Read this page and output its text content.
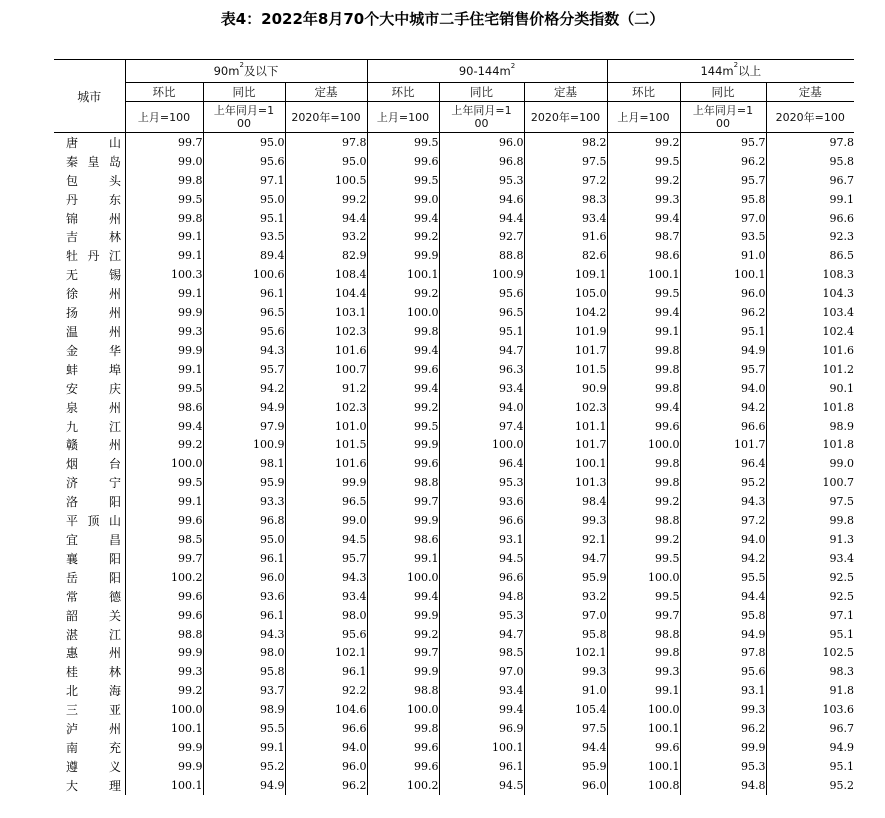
表4：2022年8月70个大中城市二手住宅销售价格分类指数（二）
城市	$90m^2$及以下			$90-144m^2$			$144m^2$以上		
	环比	同比	定基	环比	同比	定基	环比	同比	定基
	上月=100	上年同月=1
00	2020年=100	上月=100	上年同月=1
00	2020年=100	上月=100	上年同月=1
00	2020年=100
唐山	99.7	95.0	97.8	99.5	96.0	98.2	99.2	95.7	97.8
秦皇岛	99.0	95.6	95.0	99.6	96.8	97.5	99.5	96.2	95.8
包头	99.8	97.1	100.5	99.5	95.3	97.2	99.2	95.7	96.7
丹东	99.5	95.0	99.2	99.0	94.6	98.3	99.3	95.8	99.1
锦州	99.8	95.1	94.4	99.4	94.4	93.4	99.4	97.0	96.6
吉林	99.1	93.5	93.2	99.2	92.7	91.6	98.7	93.5	92.3
牡丹江	99.1	89.4	82.9	99.9	88.8	82.6	98.6	91.0	86.5
无锡	100.3	100.6	108.4	100.1	100.9	109.1	100.1	100.1	108.3
徐州	99.1	96.1	104.4	99.2	95.6	105.0	99.5	96.0	104.3
扬州	99.9	96.5	103.1	100.0	96.5	104.2	99.4	96.2	103.4
温州	99.3	95.6	102.3	99.8	95.1	101.9	99.1	95.1	102.4
金华	99.9	94.3	101.6	99.4	94.7	101.7	99.8	94.9	101.6
蚌埠	99.1	95.7	100.7	99.6	96.3	101.5	99.8	95.7	101.2
安庆	99.5	94.2	91.2	99.4	93.4	90.9	99.8	94.0	90.1
泉州	98.6	94.9	102.3	99.2	94.0	102.3	99.4	94.2	101.8
九江	99.4	97.9	101.0	99.5	97.4	101.1	99.6	96.6	98.9
赣州	99.2	100.9	101.5	99.9	100.0	101.7	100.0	101.7	101.8
烟台	100.0	98.1	101.6	99.6	96.4	100.1	99.8	96.4	99.0
济宁	99.5	95.9	99.9	98.8	95.3	101.3	99.8	95.2	100.7
洛阳	99.1	93.3	96.5	99.7	93.6	98.4	99.2	94.3	97.5
平顶山	99.6	96.8	99.0	99.9	96.6	99.3	98.8	97.2	99.8
宜昌	98.5	95.0	94.5	98.6	93.1	92.1	99.2	94.0	91.3
襄阳	99.7	96.1	95.7	99.1	94.5	94.7	99.5	94.2	93.4
岳阳	100.2	96.0	94.3	100.0	96.6	95.9	100.0	95.5	92.5
常德	99.6	93.6	93.4	99.4	94.8	93.2	99.5	94.4	92.5
韶关	99.6	96.1	98.0	99.9	95.3	97.0	99.7	95.8	97.1
湛江	98.8	94.3	95.6	99.2	94.7	95.8	98.8	94.9	95.1
惠州	99.9	98.0	102.1	99.7	98.5	102.1	99.8	97.8	102.5
桂林	99.3	95.8	96.1	99.9	97.0	99.3	99.3	95.6	98.3
北海	99.2	93.7	92.2	98.8	93.4	91.0	99.1	93.1	91.8
三亚	100.0	98.9	104.6	100.0	99.4	105.4	100.0	99.3	103.6
泸州	100.1	95.5	96.6	99.8	96.9	97.5	100.1	96.2	96.7
南充	99.9	99.1	94.0	99.6	100.1	94.4	99.6	99.9	94.9
遵义	99.9	95.2	96.0	99.6	96.1	95.9	100.1	95.3	95.1
大理	100.1	94.9	96.2	100.2	94.5	96.0	100.8	94.8	95.2
